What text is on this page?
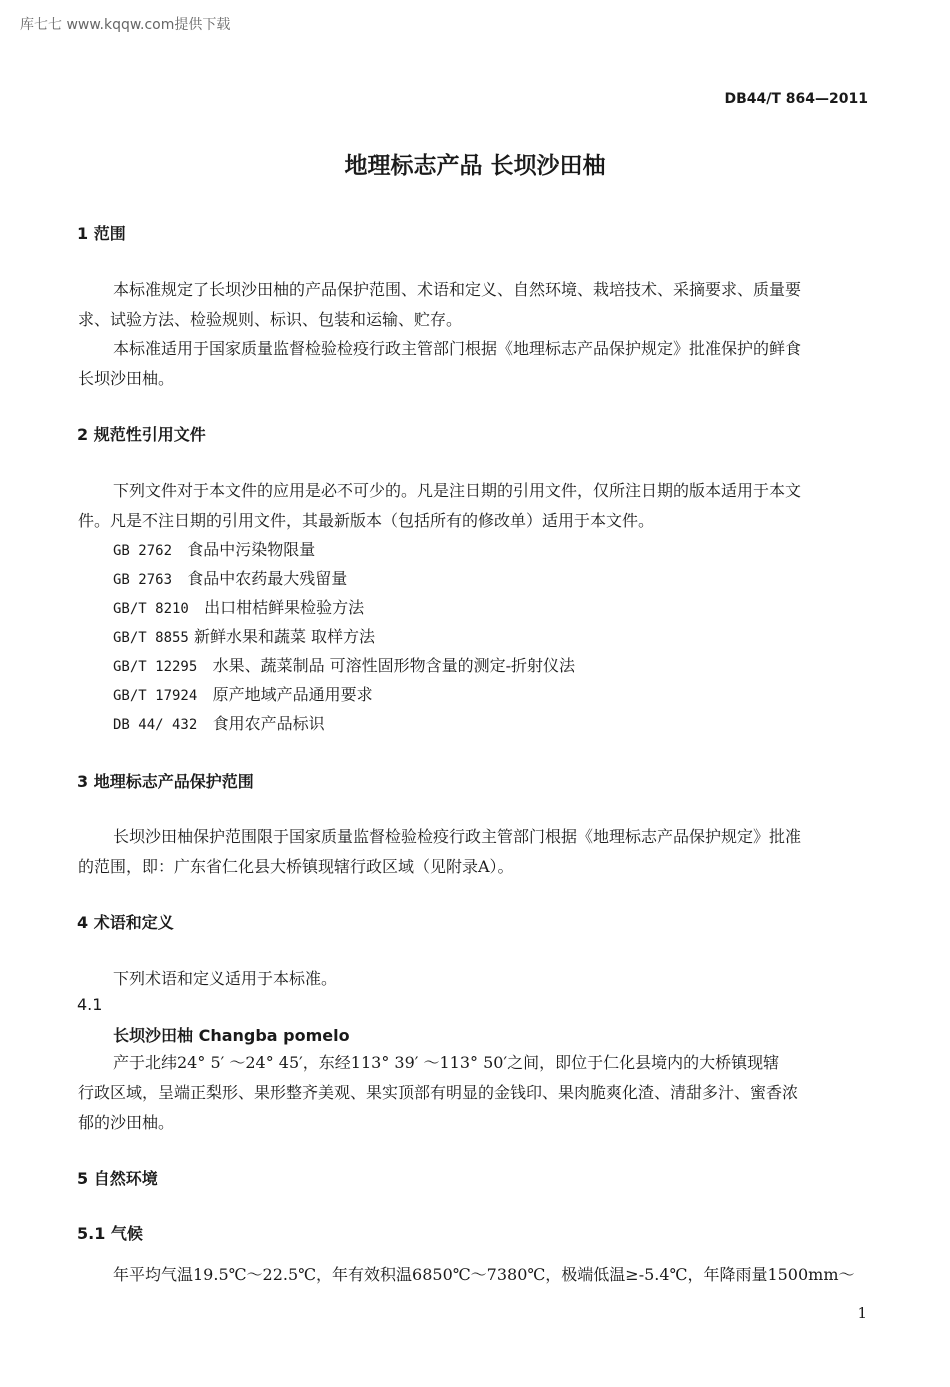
库七七 www.kqqw.com提供下载
DB44/T 864—2011
地理标志产品 长坝沙田柚
1 范围
本标准规定了长坝沙田柚的产品保护范围、术语和定义、自然环境、栽培技术、采摘要求、质量要
求、试验方法、检验规则、标识、包装和运输、贮存。
本标准适用于国家质量监督检验检疫行政主管部门根据《地理标志产品保护规定》批准保护的鲜食
长坝沙田柚。
2 规范性引用文件
下列文件对于本文件的应用是必不可少的。凡是注日期的引用文件，仅所注日期的版本适用于本文
件。凡是不注日期的引用文件，其最新版本（包括所有的修改单）适用于本文件。
GB 2762 食品中污染物限量
GB 2763 食品中农药最大残留量
GB/T 8210 出口柑桔鲜果检验方法
GB/T 8855 新鲜水果和蔬菜 取样方法
GB/T 12295 水果、蔬菜制品 可溶性固形物含量的测定-折射仪法
GB/T 17924 原产地域产品通用要求
DB 44/ 432 食用农产品标识
3 地理标志产品保护范围
长坝沙田柚保护范围限于国家质量监督检验检疫行政主管部门根据《地理标志产品保护规定》批准
的范围，即：广东省仁化县大桥镇现辖行政区域（见附录A）。
4 术语和定义
下列术语和定义适用于本标准。
4.1
长坝沙田柚 Changba pomelo
产于北纬24° 5′ ～24° 45′，东经113° 39′ ～113° 50′之间，即位于仁化县境内的大桥镇现辖
行政区域，呈端正梨形、果形整齐美观、果实顶部有明显的金钱印、果肉脆爽化渣、清甜多汁、蜜香浓
郁的沙田柚。
5 自然环境
5.1 气候
年平均气温19.5℃～22.5℃，年有效积温6850℃～7380℃，极端低温≥-5.4℃，年降雨量1500mm～
1
